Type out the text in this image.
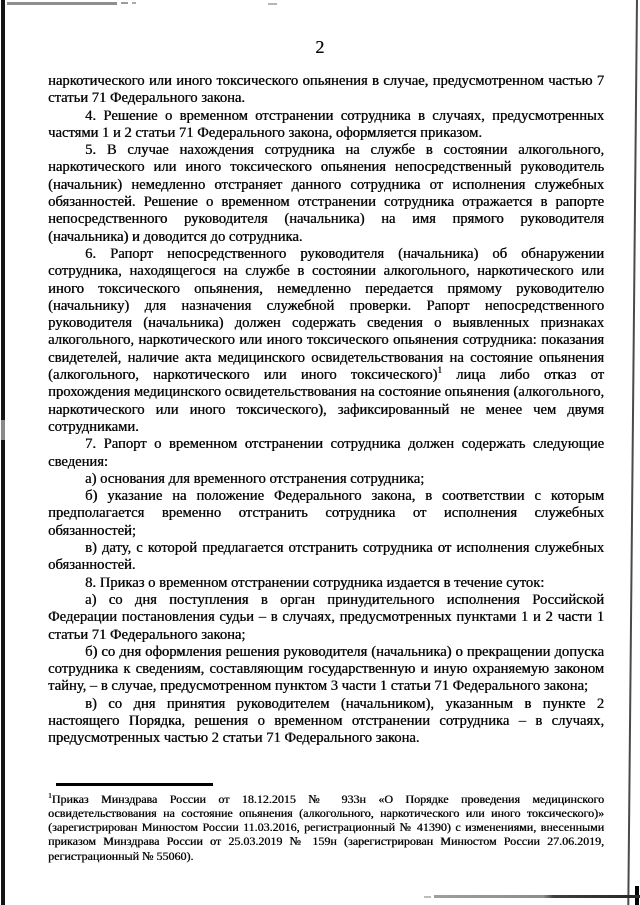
2

наркотического или иного токсического опьянения в случае, предусмотренном частью 7 статьи 71 Федерального закона.

4. Решение о временном отстранении сотрудника в случаях, предусмотренных частями 1 и 2 статьи 71 Федерального закона, оформляется приказом.

5. В случае нахождения сотрудника на службе в состоянии алкогольного, наркотического или иного токсического опьянения непосредственный руководитель (начальник) немедленно отстраняет данного сотрудника от исполнения служебных обязанностей. Решение о временном отстранении сотрудника отражается в рапорте непосредственного руководителя (начальника) на имя прямого руководителя (начальника) и доводится до сотрудника.

6. Рапорт непосредственного руководителя (начальника) об обнаружении сотрудника, находящегося на службе в состоянии алкогольного, наркотического или иного токсического опьянения, немедленно передается прямому руководителю (начальнику) для назначения служебной проверки. Рапорт непосредственного руководителя (начальника) должен содержать сведения о выявленных признаках алкогольного, наркотического или иного токсического опьянения сотрудника: показания свидетелей, наличие акта медицинского освидетельствования на состояние опьянения (алкогольного, наркотического или иного токсического)$^1$ лица либо отказ от прохождения медицинского освидетельствования на состояние опьянения (алкогольного, наркотического или иного токсического), зафиксированный не менее чем двумя сотрудниками.

7. Рапорт о временном отстранении сотрудника должен содержать следующие сведения:

а) основания для временного отстранения сотрудника;

б) указание на положение Федерального закона, в соответствии с которым предполагается временно отстранить сотрудника от исполнения служебных обязанностей;

в) дату, с которой предлагается отстранить сотрудника от исполнения служебных обязанностей.

8. Приказ о временном отстранении сотрудника издается в течение суток:

а) со дня поступления в орган принудительного исполнения Российской Федерации постановления судьи – в случаях, предусмотренных пунктами 1 и 2 части 1 статьи 71 Федерального закона;

б) со дня оформления решения руководителя (начальника) о прекращении допуска сотрудника к сведениям, составляющим государственную и иную охраняемую законом тайну, – в случае, предусмотренном пунктом 3 части 1 статьи 71 Федерального закона;

в) со дня принятия руководителем (начальником), указанным в пункте 2 настоящего Порядка, решения о временном отстранении сотрудника – в случаях, предусмотренных частью 2 статьи 71 Федерального закона.

$^1$Приказ Минздрава России от 18.12.2015 № 933н «О Порядке проведения медицинского освидетельствования на состояние опьянения (алкогольного, наркотического или иного токсического)» (зарегистрирован Минюстом России 11.03.2016, регистрационный № 41390) с изменениями, внесенными приказом Минздрава России от 25.03.2019 № 159н (зарегистрирован Минюстом России 27.06.2019, регистрационный № 55060).
